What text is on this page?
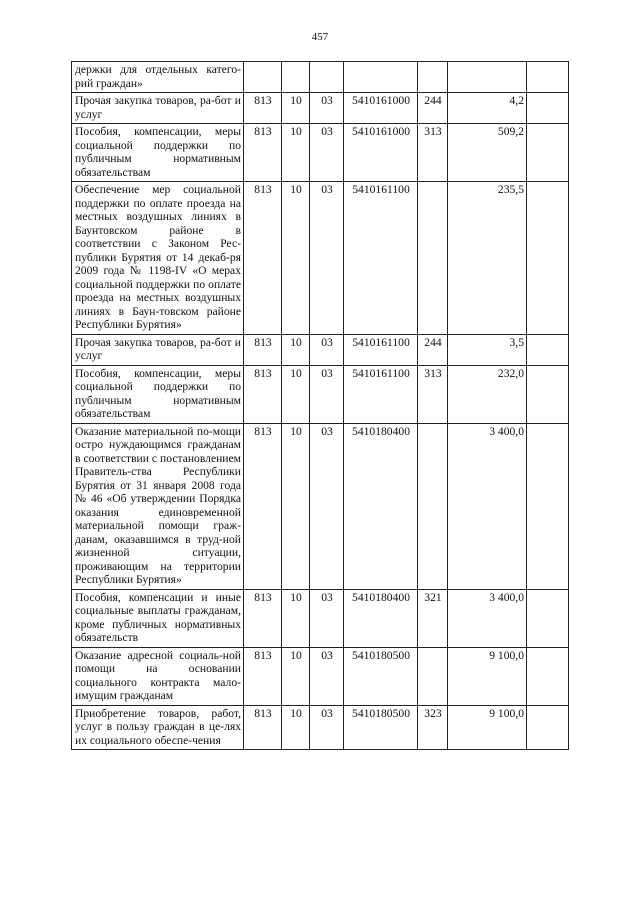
457
держки для отдельных катего-рий граждан»							
Прочая закупка товаров, ра-бот и услуг	813	10	03	5410161000	244	4,2	
Пособия, компенсации, меры социальной поддержки по публичным нормативным обязательствам	813	10	03	5410161000	313	509,2	
Обеспечение мер социальной поддержки по оплате проезда на местных воздушных линиях в Баунтовском районе в соответствии с Законом Рес-публики Бурятия от 14 декаб-ря 2009 года № 1198-IV «О мерах социальной поддержки по оплате проезда на местных воздушных линиях в Баун-товском районе Республики Бурятия»	813	10	03	5410161100		235,5	
Прочая закупка товаров, ра-бот и услуг	813	10	03	5410161100	244	3,5	
Пособия, компенсации, меры социальной поддержки по публичным нормативным обязательствам	813	10	03	5410161100	313	232,0	
Оказание материальной по-мощи остро нуждающимся гражданам в соответствии с постановлением Правитель-ства Республики Бурятия от 31 января 2008 года № 46 «Об утверждении Порядка оказания единовременной материальной помощи граж-данам, оказавшимся в труд-ной жизненной ситуации, проживающим на территории Республики Бурятия»	813	10	03	5410180400		3 400,0	
Пособия, компенсации и иные социальные выплаты гражданам, кроме публичных нормативных обязательств	813	10	03	5410180400	321	3 400,0	
Оказание адресной социаль-ной помощи на основании социального контракта мало-имущим гражданам	813	10	03	5410180500		9 100,0	
Приобретение товаров, работ, услуг в пользу граждан в це-лях их социального обеспе-чения	813	10	03	5410180500	323	9 100,0	
